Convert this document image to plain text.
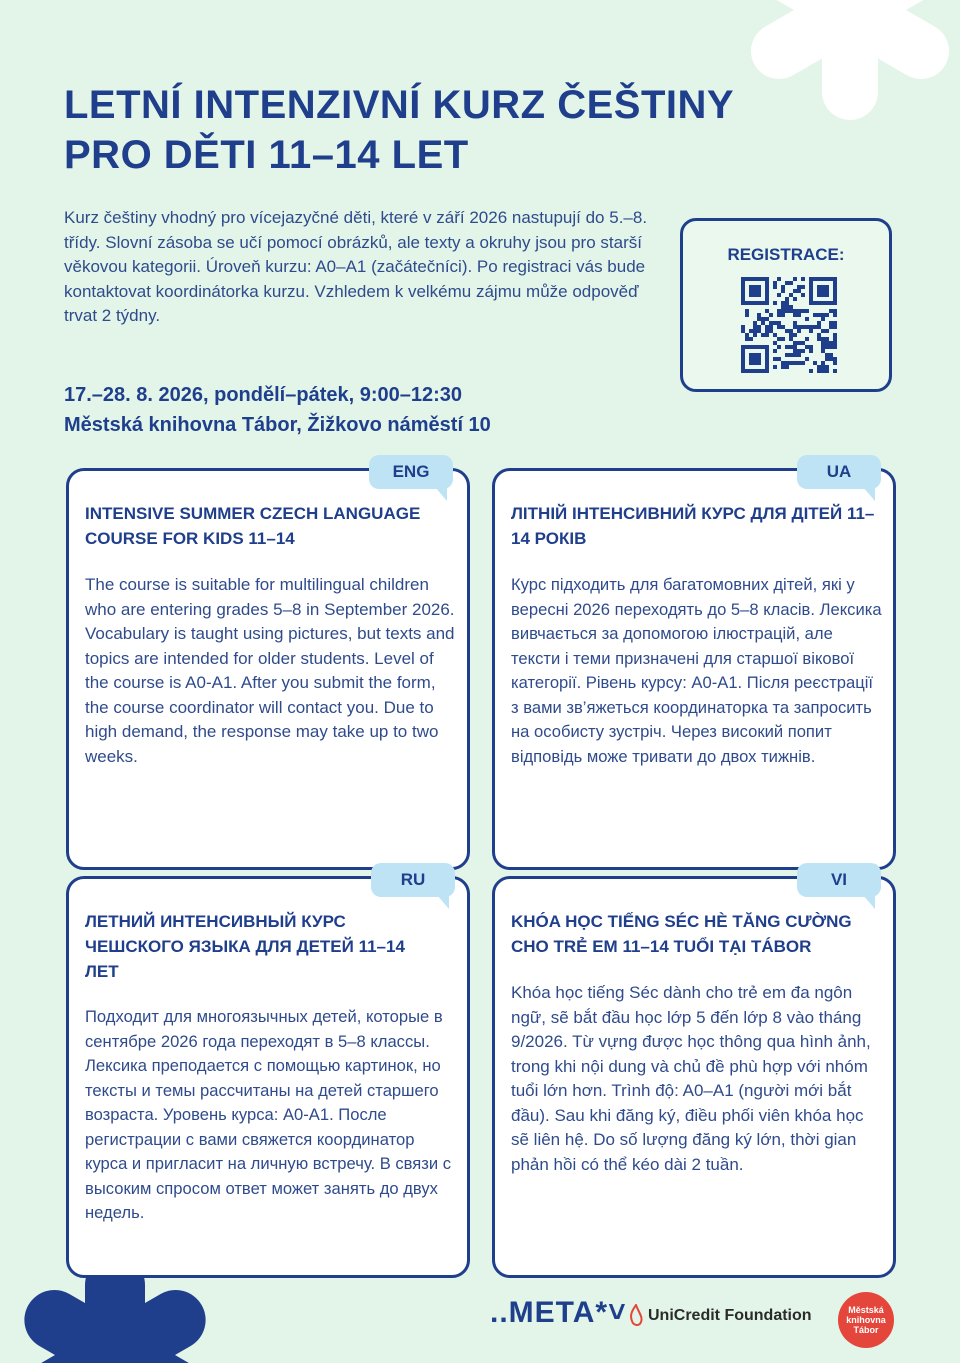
LETNÍ INTENZIVNÍ KURZ ČEŠTINY
PRO DĚTI 11–14 LET

Kurz češtiny vhodný pro vícejazyčné děti, které v září 2026 nastupují do 5.–8. třídy. Slovní zásoba se učí pomocí obrázků, ale texty a okruhy jsou pro starší věkovou kategorii. Úroveň kurzu: A0–A1 (začátečníci). Po registraci vás bude kontaktovat koordinátorka kurzu. Vzhledem k velkému zájmu může odpověď trvat 2 týdny.

17.–28. 8. 2026, pondělí–pátek, 9:00–12:30

Městská knihovna Tábor, Žižkovo náměstí 10

REGISTRACE:
ENG
INTENSIVE SUMMER CZECH LANGUAGE COURSE FOR KIDS 11–14

The course is suitable for multilingual children who are entering grades 5–8 in September 2026. Vocabulary is taught using pictures, but texts and topics are intended for older students. Level of the course is A0-A1. After you submit the form, the course coordinator will contact you. Due to high demand, the response may take up to two weeks.

UA
ЛІТНІЙ ІНТЕНСИВНИЙ КУРС ДЛЯ ДІТЕЙ 11–14 РОКІВ

Курс підходить для багатомовних дітей, які у вересні 2026 переходять до 5–8 класів. Лексика вивчається за допомогою ілюстрацій, але тексти і теми призначені для старшої вікової категорії. Рівень курсу: A0-A1. Після реєстрації з вами зв’яжеться координаторка та запросить на особисту зустріч. Через високий попит відповідь може тривати до двох тижнів.

RU
ЛЕТНИЙ ИНТЕНСИВНЫЙ КУРС ЧЕШСКОГО ЯЗЫКА ДЛЯ ДЕТЕЙ 11–14 ЛЕТ

Подходит для многоязычных детей, которые в сентябре 2026 года переходят в 5–8 классы. Лексика преподается с помощью картинок, но тексты и темы рассчитаны на детей старшего возраста. Уровень курса: A0-A1. После регистрации с вами свяжется координатор курса и пригласит на личную встречу. В связи с высоким спросом ответ может занять до двух недель.

VI
KHÓA HỌC TIẾNG SÉC HÈ TĂNG CƯỜNG CHO TRẺ EM 11–14 TUỔI TẠI TÁBOR

Khóa học tiếng Séc dành cho trẻ em đa ngôn ngữ, sẽ bắt đầu học lớp 5 đến lớp 8 vào tháng 9/2026. Từ vựng được học thông qua hình ảnh, trong khi nội dung và chủ đề phù hợp với nhóm tuổi lớn hơn. Trình độ: A0–A1 (người mới bắt đầu). Sau khi đăng ký, điều phối viên khóa học sẽ liên hệ. Do số lượng đăng ký lớn, thời gian phản hồi có thể kéo dài 2 tuần.

..META*˅ UniCredit Foundation	Městská
knihovna
Tábor
